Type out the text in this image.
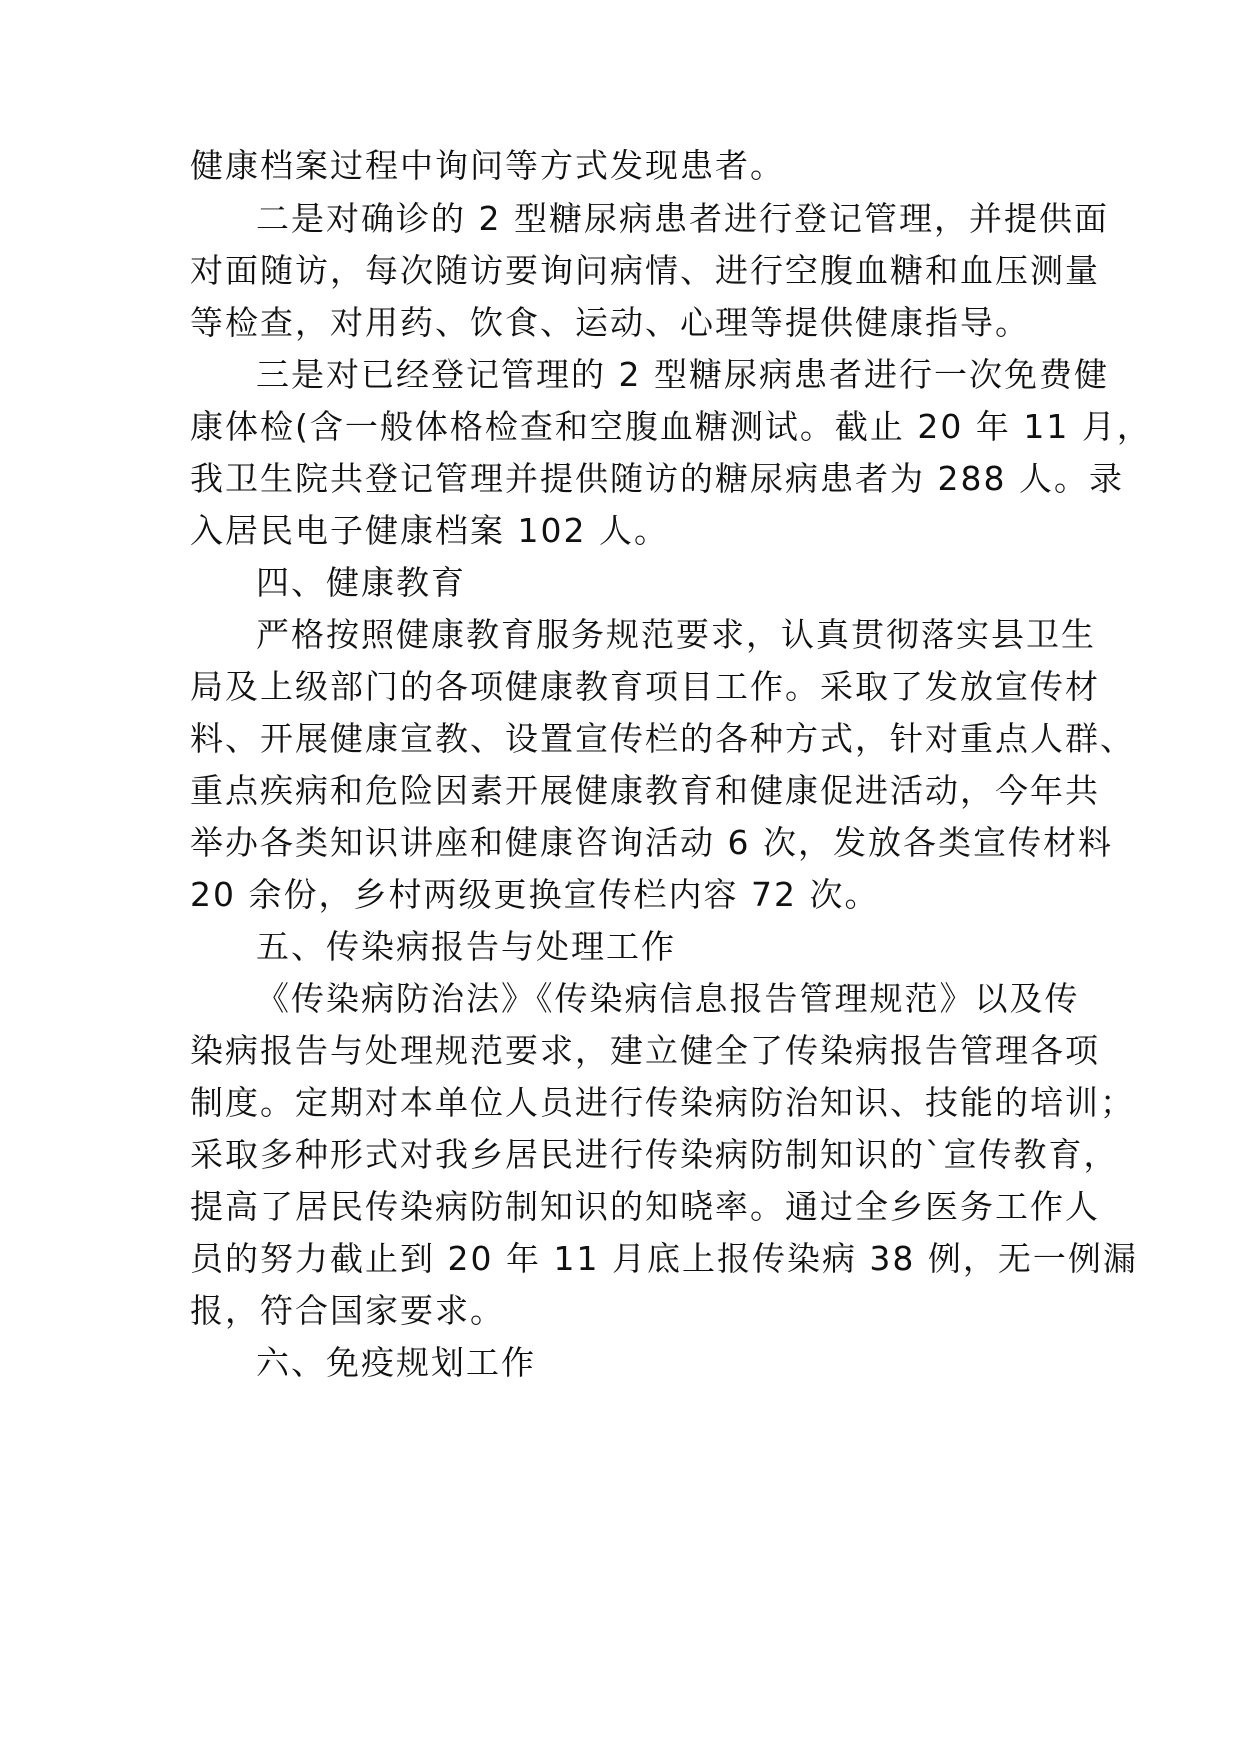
健康档案过程中询问等方式发现患者。
二是对确诊的 2 型糖尿病患者进行登记管理，并提供面
对面随访，每次随访要询问病情、进行空腹血糖和血压测量
等检查，对用药、饮食、运动、心理等提供健康指导。
三是对已经登记管理的 2 型糖尿病患者进行一次免费健
康体检(含一般体格检查和空腹血糖测试。截止 20 年 11 月，
我卫生院共登记管理并提供随访的糖尿病患者为 288 人。录
入居民电子健康档案 102 人。
四、健康教育
严格按照健康教育服务规范要求，认真贯彻落实县卫生
局及上级部门的各项健康教育项目工作。采取了发放宣传材
料、开展健康宣教、设置宣传栏的各种方式，针对重点人群、
重点疾病和危险因素开展健康教育和健康促进活动，今年共
举办各类知识讲座和健康咨询活动 6 次，发放各类宣传材料
20 余份，乡村两级更换宣传栏内容 72 次。
五、传染病报告与处理工作
《传染病防治法》《传染病信息报告管理规范》以及传
染病报告与处理规范要求，建立健全了传染病报告管理各项
制度。定期对本单位人员进行传染病防治知识、技能的培训；
采取多种形式对我乡居民进行传染病防制知识的`宣传教育，
提高了居民传染病防制知识的知晓率。通过全乡医务工作人
员的努力截止到 20 年 11 月底上报传染病 38 例，无一例漏
报，符合国家要求。
六、免疫规划工作
